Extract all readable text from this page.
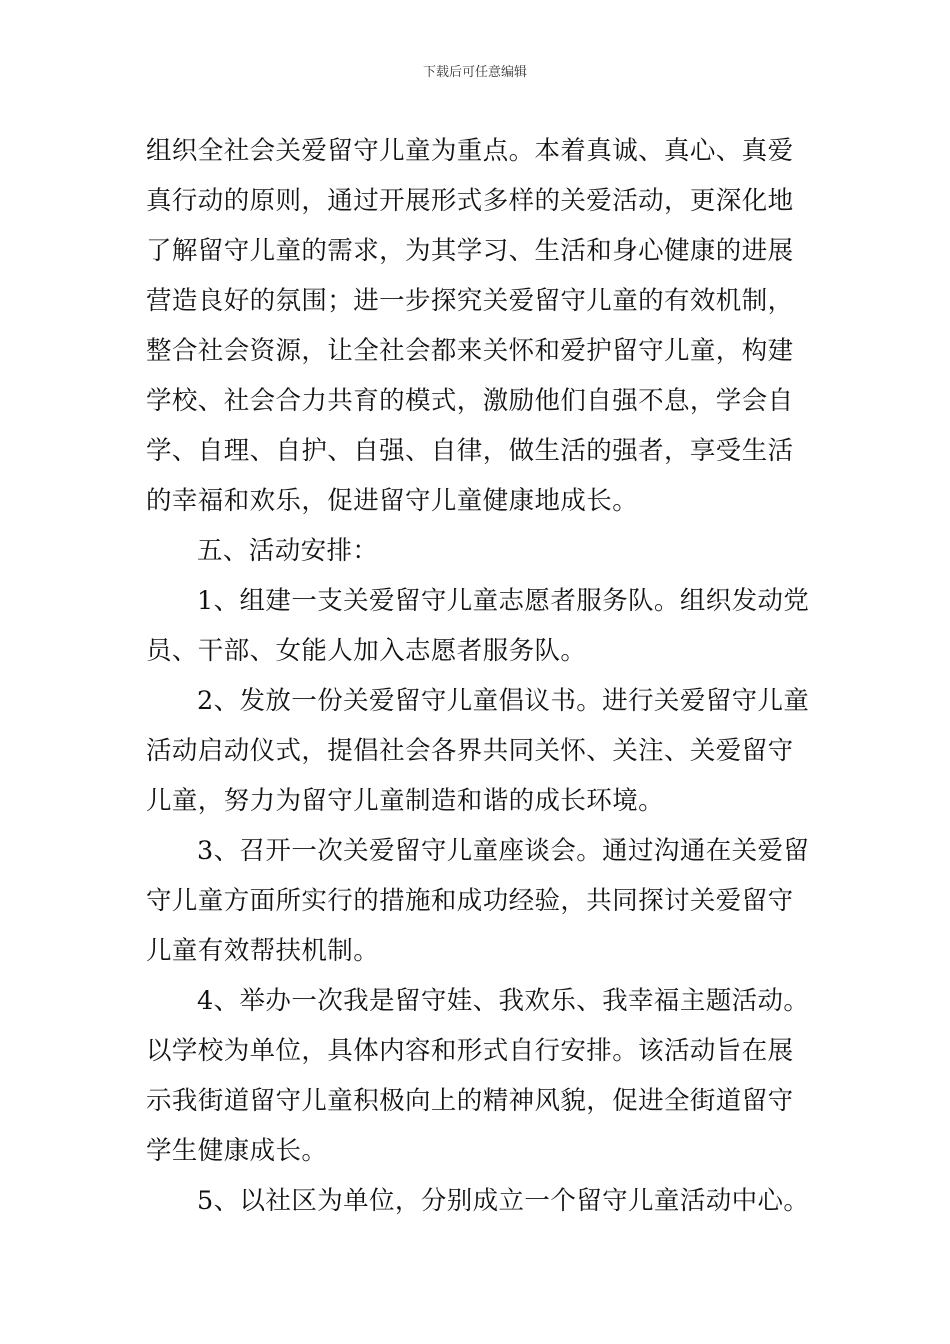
下载后可任意编辑
组织全社会关爱留守儿童为重点。本着真诚、真心、真爱
真行动的原则，通过开展形式多样的关爱活动，更深化地
了解留守儿童的需求，为其学习、生活和身心健康的进展
营造良好的氛围；进一步探究关爱留守儿童的有效机制，
整合社会资源，让全社会都来关怀和爱护留守儿童，构建
学校、社会合力共育的模式，激励他们自强不息，学会自
学、自理、自护、自强、自律，做生活的强者，享受生活
的幸福和欢乐，促进留守儿童健康地成长。
五、活动安排：
1、组建一支关爱留守儿童志愿者服务队。组织发动党
员、干部、女能人加入志愿者服务队。
2、发放一份关爱留守儿童倡议书。进行关爱留守儿童
活动启动仪式，提倡社会各界共同关怀、关注、关爱留守
儿童，努力为留守儿童制造和谐的成长环境。
3、召开一次关爱留守儿童座谈会。通过沟通在关爱留
守儿童方面所实行的措施和成功经验，共同探讨关爱留守
儿童有效帮扶机制。
4、举办一次我是留守娃、我欢乐、我幸福主题活动。
以学校为单位，具体内容和形式自行安排。该活动旨在展
示我街道留守儿童积极向上的精神风貌，促进全街道留守
学生健康成长。
5、以社区为单位，分别成立一个留守儿童活动中心。
